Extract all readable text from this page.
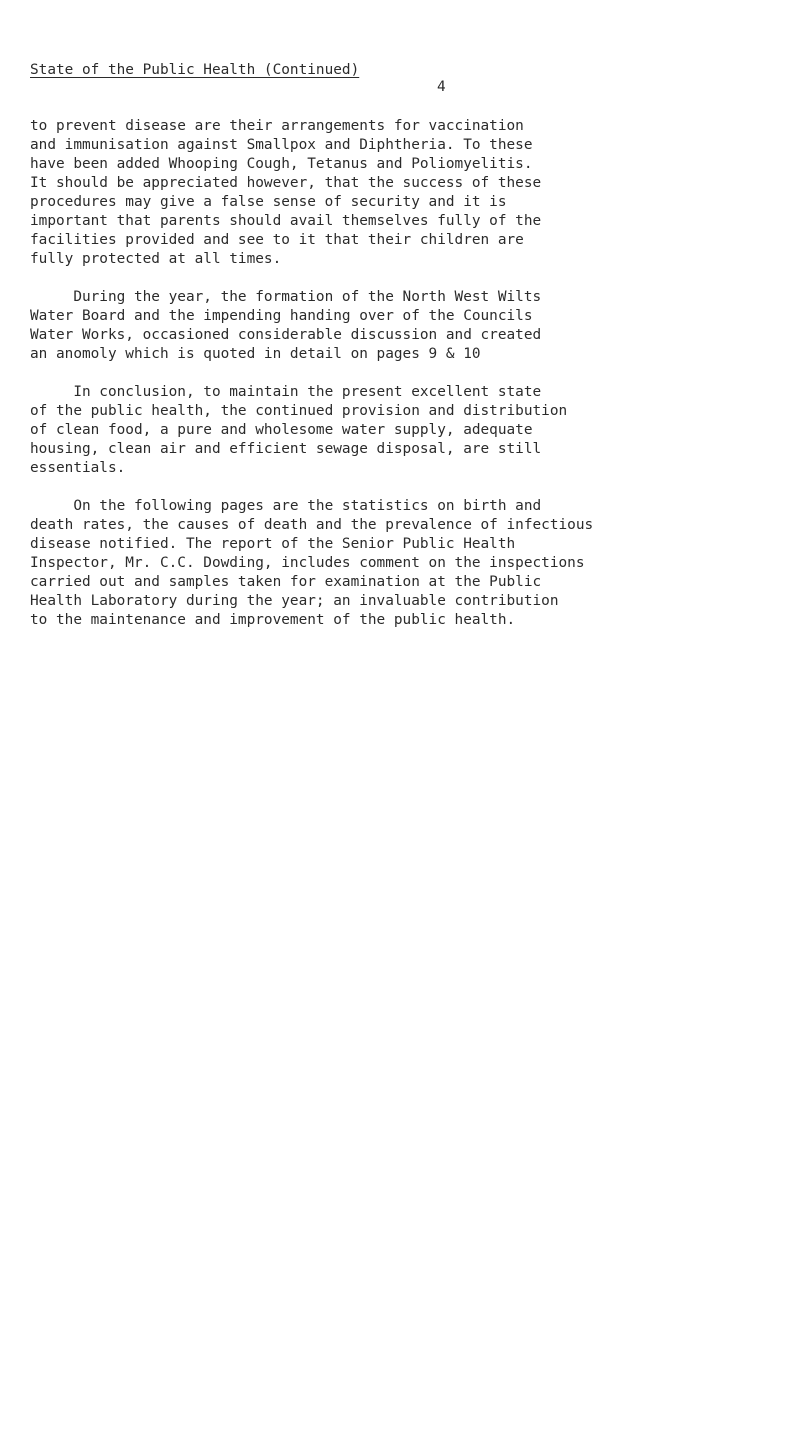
State of the Public Health (Continued)
4

to prevent disease are their arrangements for vaccination
and immunisation against Smallpox and Diphtheria. To these
have been added Whooping Cough, Tetanus and Poliomyelitis.
It should be appreciated however, that the success of these
procedures may give a false sense of security and it is
important that parents should avail themselves fully of the
facilities provided and see to it that their children are
fully protected at all times.

During the year, the formation of the North West Wilts
Water Board and the impending handing over of the Councils
Water Works, occasioned considerable discussion and created
an anomoly which is quoted in detail on pages 9 & 10

In conclusion, to maintain the present excellent state
of the public health, the continued provision and distribution
of clean food, a pure and wholesome water supply, adequate
housing, clean air and efficient sewage disposal, are still
essentials.

On the following pages are the statistics on birth and
death rates, the causes of death and the prevalence of infectious
disease notified. The report of the Senior Public Health
Inspector, Mr. C.C. Dowding, includes comment on the inspections
carried out and samples taken for examination at the Public
Health Laboratory during the year; an invaluable contribution
to the maintenance and improvement of the public health.
